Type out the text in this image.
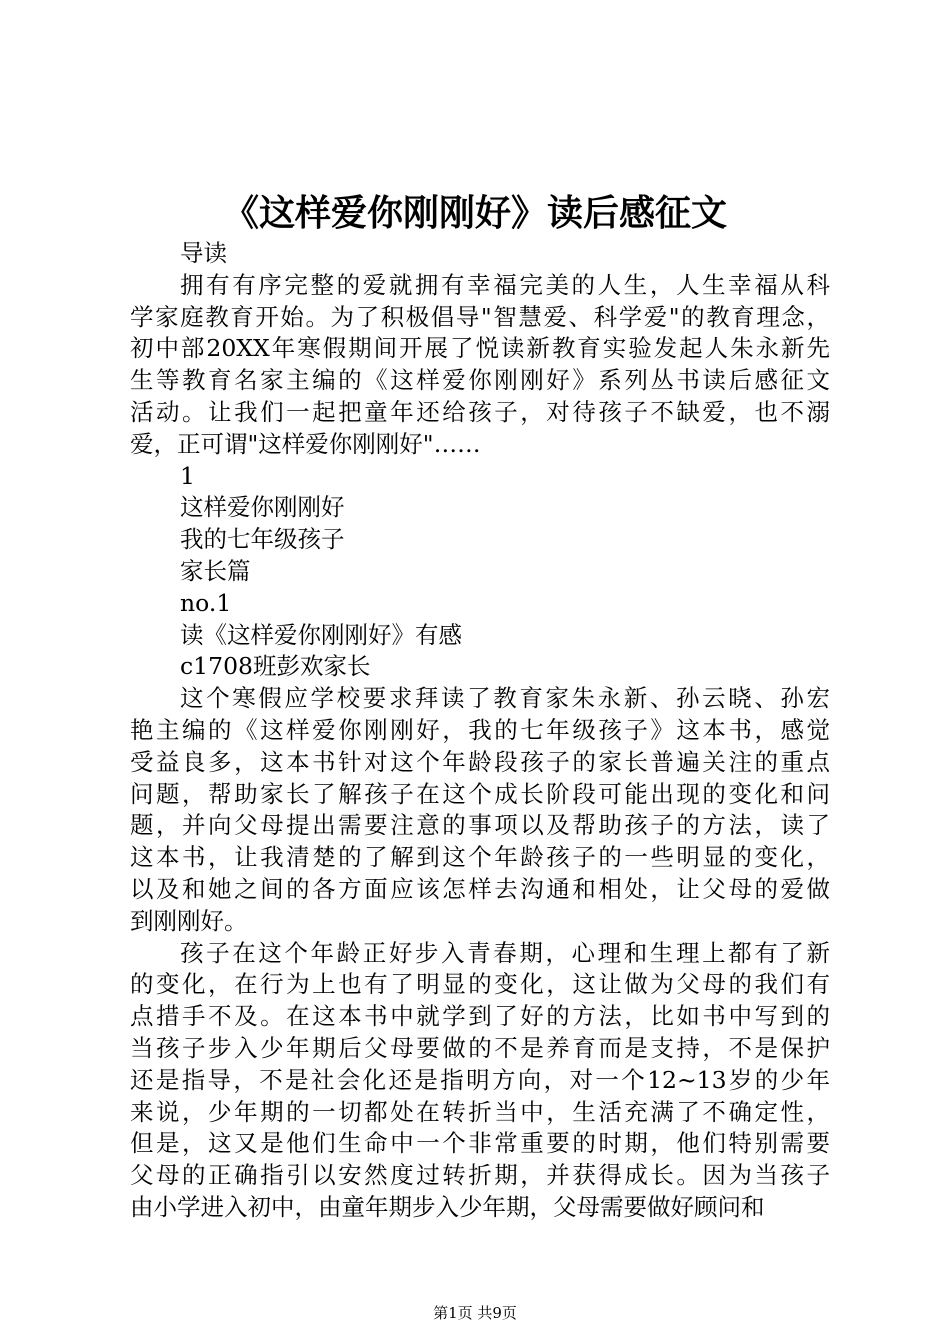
《这样爱你刚刚好》读后感征文
导读
拥有有序完整的爱就拥有幸福完美的人生，人生幸福从科
学家庭教育开始。为了积极倡导"智慧爱、科学爱"的教育理念，
初中部20XX年寒假期间开展了悦读新教育实验发起人朱永新先
生等教育名家主编的《这样爱你刚刚好》系列丛书读后感征文
活动。让我们一起把童年还给孩子，对待孩子不缺爱，也不溺
爱，正可谓"这样爱你刚刚好"……
1
这样爱你刚刚好
我的七年级孩子
家长篇
no.1
读《这样爱你刚刚好》有感
c1708班彭欢家长
这个寒假应学校要求拜读了教育家朱永新、孙云晓、孙宏
艳主编的《这样爱你刚刚好，我的七年级孩子》这本书，感觉
受益良多，这本书针对这个年龄段孩子的家长普遍关注的重点
问题，帮助家长了解孩子在这个成长阶段可能出现的变化和问
题，并向父母提出需要注意的事项以及帮助孩子的方法，读了
这本书，让我清楚的了解到这个年龄孩子的一些明显的变化，
以及和她之间的各方面应该怎样去沟通和相处，让父母的爱做
到刚刚好。
孩子在这个年龄正好步入青春期，心理和生理上都有了新
的变化，在行为上也有了明显的变化，这让做为父母的我们有
点措手不及。在这本书中就学到了好的方法，比如书中写到的
当孩子步入少年期后父母要做的不是养育而是支持，不是保护
还是指导，不是社会化还是指明方向，对一个12~13岁的少年
来说，少年期的一切都处在转折当中，生活充满了不确定性，
但是，这又是他们生命中一个非常重要的时期，他们特别需要
父母的正确指引以安然度过转折期，并获得成长。因为当孩子
由小学进入初中，由童年期步入少年期，父母需要做好顾问和
第1页 共9页
